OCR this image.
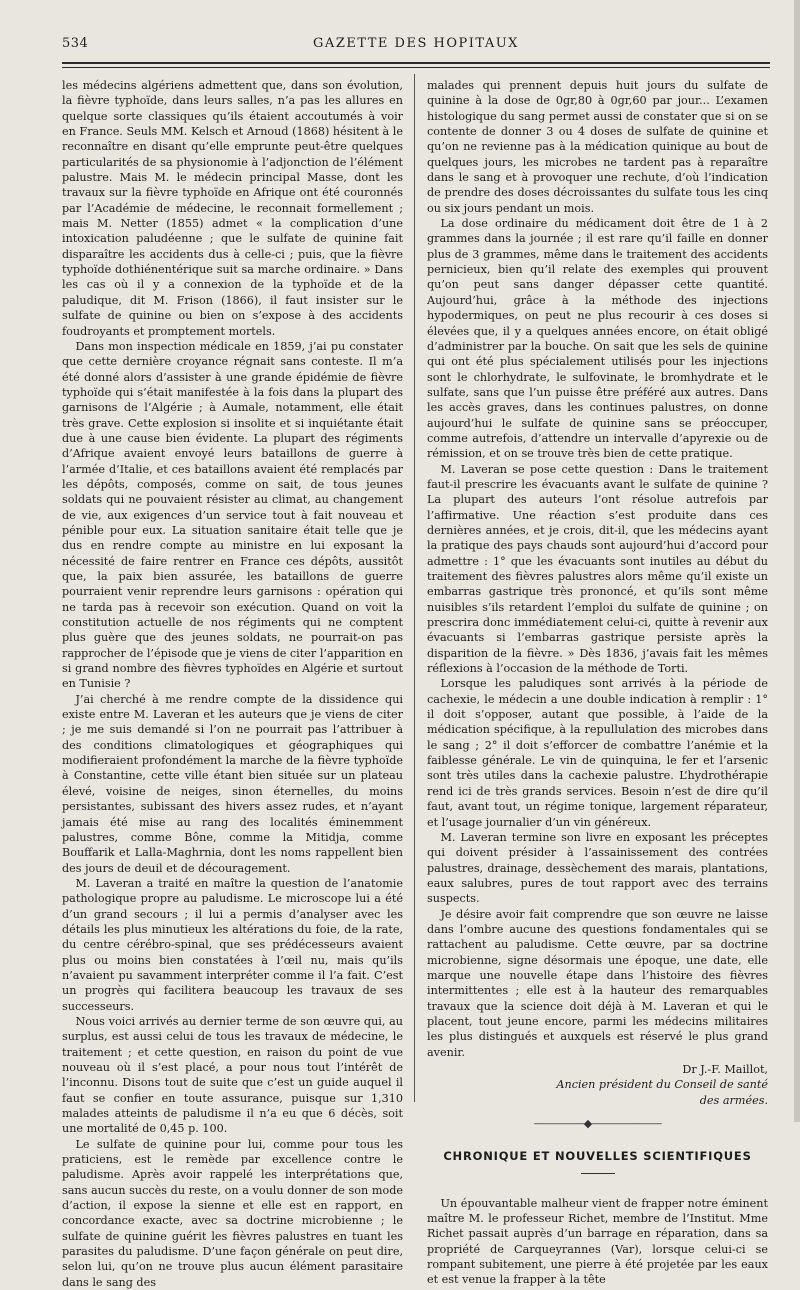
534	GAZETTE DES HOPITAUX

les médecins algériens admettent que, dans son évolution, la fièvre typhoïde, dans leurs salles, n’a pas les allures en quelque sorte classiques qu’ils étaient accoutumés à voir en France. Seuls MM. Kelsch et Arnoud (1868) hésitent à le reconnaître en disant qu’elle emprunte peut-être quelques particularités de sa physionomie à l’adjonction de l’élément palustre. Mais M. le médecin principal Masse, dont les travaux sur la fièvre typhoïde en Afrique ont été couronnés par l’Académie de médecine, le reconnait formellement ; mais M. Netter (1855) admet « la complication d’une intoxication paludéenne ; que le sulfate de quinine fait disparaître les accidents dus à celle-ci ; puis, que la fièvre typhoïde dothiénentérique suit sa marche ordinaire. » Dans les cas où il y a connexion de la typhoïde et de la paludique, dit M. Frison (1866), il faut insister sur le sulfate de quinine ou bien on s’expose à des accidents foudroyants et promptement mortels.

Dans mon inspection médicale en 1859, j’ai pu constater que cette dernière croyance régnait sans conteste. Il m’a été donné alors d’assister à une grande épidémie de fièvre typhoïde qui s’était manifestée à la fois dans la plupart des garnisons de l’Algérie ; à Aumale, notamment, elle était très grave. Cette explosion si insolite et si inquiétante était due à une cause bien évidente. La plupart des régiments d’Afrique avaient envoyé leurs bataillons de guerre à l’armée d’Italie, et ces bataillons avaient été remplacés par les dépôts, composés, comme on sait, de tous jeunes soldats qui ne pouvaient résister au climat, au changement de vie, aux exigences d’un service tout à fait nouveau et pénible pour eux. La situation sanitaire était telle que je dus en rendre compte au ministre en lui exposant la nécessité de faire rentrer en France ces dépôts, aussitôt que, la paix bien assurée, les bataillons de guerre pourraient venir reprendre leurs garnisons : opération qui ne tarda pas à recevoir son exécution. Quand on voit la constitution actuelle de nos régiments qui ne comptent plus guère que des jeunes soldats, ne pourrait-on pas rapprocher de l’épisode que je viens de citer l’apparition en si grand nombre des fièvres typhoïdes en Algérie et surtout en Tunisie ?

J’ai cherché à me rendre compte de la dissidence qui existe entre M. Laveran et les auteurs que je viens de citer ; je me suis demandé si l’on ne pourrait pas l’attribuer à des conditions climatologiques et géographiques qui modifieraient profondément la marche de la fièvre typhoïde à Constantine, cette ville étant bien située sur un plateau élevé, voisine de neiges, sinon éternelles, du moins persistantes, subissant des hivers assez rudes, et n’ayant jamais été mise au rang des localités éminemment palustres, comme Bône, comme la Mitidja, comme Bouffarik et Lalla-Maghrnia, dont les noms rappellent bien des jours de deuil et de découragement.

M. Laveran a traité en maître la question de l’anatomie pathologique propre au paludisme. Le microscope lui a été d’un grand secours ; il lui a permis d’analyser avec les détails les plus minutieux les altérations du foie, de la rate, du centre cérébro-spinal, que ses prédécesseurs avaient plus ou moins bien constatées à l’œil nu, mais qu’ils n’avaient pu savamment interpréter comme il l’a fait. C’est un progrès qui facilitera beaucoup les travaux de ses successeurs.

Nous voici arrivés au dernier terme de son œuvre qui, au surplus, est aussi celui de tous les travaux de médecine, le traitement ; et cette question, en raison du point de vue nouveau où il s’est placé, a pour nous tout l’intérêt de l’inconnu. Disons tout de suite que c’est un guide auquel il faut se confier en toute assurance, puisque sur 1,310 malades atteints de paludisme il n’a eu que 6 décès, soit une mortalité de 0,45 p. 100.

Le sulfate de quinine pour lui, comme pour tous les praticiens, est le remède par excellence contre le paludisme. Après avoir rappelé les interprétations que, sans aucun succès du reste, on a voulu donner de son mode d’action, il expose la sienne et elle est en rapport, en concordance exacte, avec sa doctrine microbienne ; le sulfate de quinine guérit les fièvres palustres en tuant les parasites du paludisme. D’une façon générale on peut dire, selon lui, qu’on ne trouve plus aucun élément parasitaire dans le sang des

malades qui prennent depuis huit jours du sulfate de quinine à la dose de 0gr,80 à 0gr,60 par jour... L’examen histologique du sang permet aussi de constater que si on se contente de donner 3 ou 4 doses de sulfate de quinine et qu’on ne revienne pas à la médication quinique au bout de quelques jours, les microbes ne tardent pas à reparaître dans le sang et à provoquer une rechute, d’où l’indication de prendre des doses décroissantes du sulfate tous les cinq ou six jours pendant un mois.

La dose ordinaire du médicament doit être de 1 à 2 grammes dans la journée ; il est rare qu’il faille en donner plus de 3 grammes, même dans le traitement des accidents pernicieux, bien qu’il relate des exemples qui prouvent qu’on peut sans danger dépasser cette quantité. Aujourd’hui, grâce à la méthode des injections hypodermiques, on peut ne plus recourir à ces doses si élevées que, il y a quelques années encore, on était obligé d’administrer par la bouche. On sait que les sels de quinine qui ont été plus spécialement utilisés pour les injections sont le chlorhydrate, le sulfovinate, le bromhydrate et le sulfate, sans que l’un puisse être préféré aux autres. Dans les accès graves, dans les continues palustres, on donne aujourd’hui le sulfate de quinine sans se préoccuper, comme autrefois, d’attendre un intervalle d’apyrexie ou de rémission, et on se trouve très bien de cette pratique.

M. Laveran se pose cette question : Dans le traitement faut-il prescrire les évacuants avant le sulfate de quinine ? La plupart des auteurs l’ont résolue autrefois par l’affirmative. Une réaction s’est produite dans ces dernières années, et je crois, dit-il, que les médecins ayant la pratique des pays chauds sont aujourd’hui d’accord pour admettre : 1° que les évacuants sont inutiles au début du traitement des fièvres palustres alors même qu’il existe un embarras gastrique très prononcé, et qu’ils sont même nuisibles s’ils retardent l’emploi du sulfate de quinine ; on prescrira donc immédiatement celui-ci, quitte à revenir aux évacuants si l’embarras gastrique persiste après la disparition de la fièvre. » Dès 1836, j’avais fait les mêmes réflexions à l’occasion de la méthode de Torti.

Lorsque les paludiques sont arrivés à la période de cachexie, le médecin a une double indication à remplir : 1° il doit s’opposer, autant que possible, à l’aide de la médication spécifique, à la repullulation des microbes dans le sang ; 2° il doit s’efforcer de combattre l’anémie et la faiblesse générale. Le vin de quinquina, le fer et l’arsenic sont très utiles dans la cachexie palustre. L’hydrothérapie rend ici de très grands services. Besoin n’est de dire qu’il faut, avant tout, un régime tonique, largement réparateur, et l’usage journalier d’un vin généreux.

M. Laveran termine son livre en exposant les préceptes qui doivent présider à l’assainissement des contrées palustres, drainage, dessèchement des marais, plantations, eaux salubres, pures de tout rapport avec des terrains suspects.

Je désire avoir fait comprendre que son œuvre ne laisse dans l’ombre aucune des questions fondamentales qui se rattachent au paludisme. Cette œuvre, par sa doctrine microbienne, signe désormais une époque, une date, elle marque une nouvelle étape dans l’histoire des fièvres intermittentes ; elle est à la hauteur des remarquables travaux que la science doit déjà à M. Laveran et qui le placent, tout jeune encore, parmi les médecins militaires les plus distingués et auxquels est réservé le plus grand avenir.

Dr J.-F. Maillot,
Ancien président du Conseil de santé
des armées.
—————◆———————
CHRONIQUE ET NOUVELLES SCIENTIFIQUES

Un épouvantable malheur vient de frapper notre éminent maître M. le professeur Richet, membre de l’Institut. Mme Richet passait auprès d’un barrage en réparation, dans sa propriété de Carqueyrannes (Var), lorsque celui-ci se rompant subitement, une pierre à été projetée par les eaux et est venue la frapper à la tête
